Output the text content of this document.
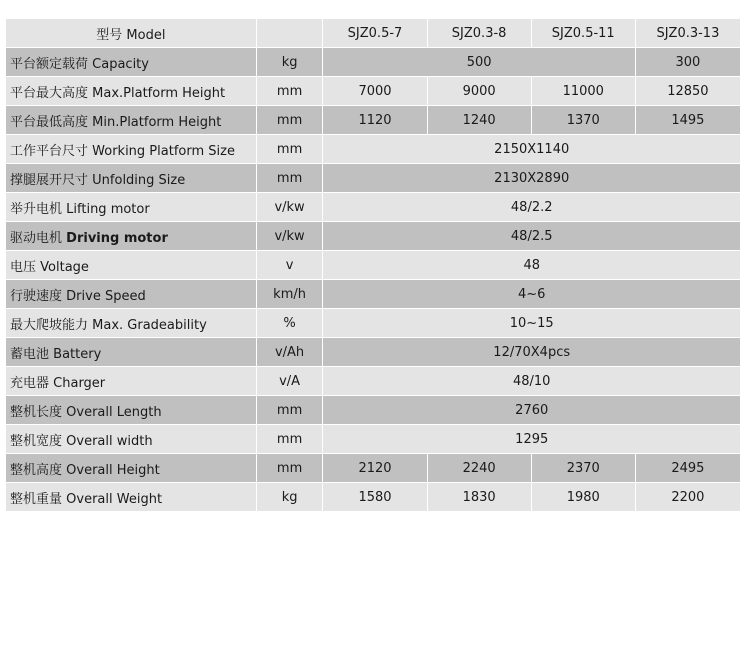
型号 Model		SJZ0.5-7	SJZ0.3-8	SJZ0.5-11	SJZ0.3-13
平台额定载荷 Capacity	kg	500			300
平台最大高度 Max.Platform Height	mm	7000	9000	11000	12850
平台最低高度 Min.Platform Height	mm	1120	1240	1370	1495
工作平台尺寸 Working Platform Size	mm	2150X1140			
撑腿展开尺寸 Unfolding Size	mm	2130X2890			
举升电机 Lifting motor	v/kw	48/2.2			
驱动电机 Driving motor	v/kw	48/2.5			
电压 Voltage	v	48			
行驶速度 Drive Speed	km/h	4~6			
最大爬坡能力 Max. Gradeability	%	10~15			
蓄电池 Battery	v/Ah	12/70X4pcs			
充电器 Charger	v/A	48/10			
整机长度 Overall Length	mm	2760			
整机宽度 Overall width	mm	1295			
整机高度 Overall Height	mm	2120	2240	2370	2495
整机重量 Overall Weight	kg	1580	1830	1980	2200
